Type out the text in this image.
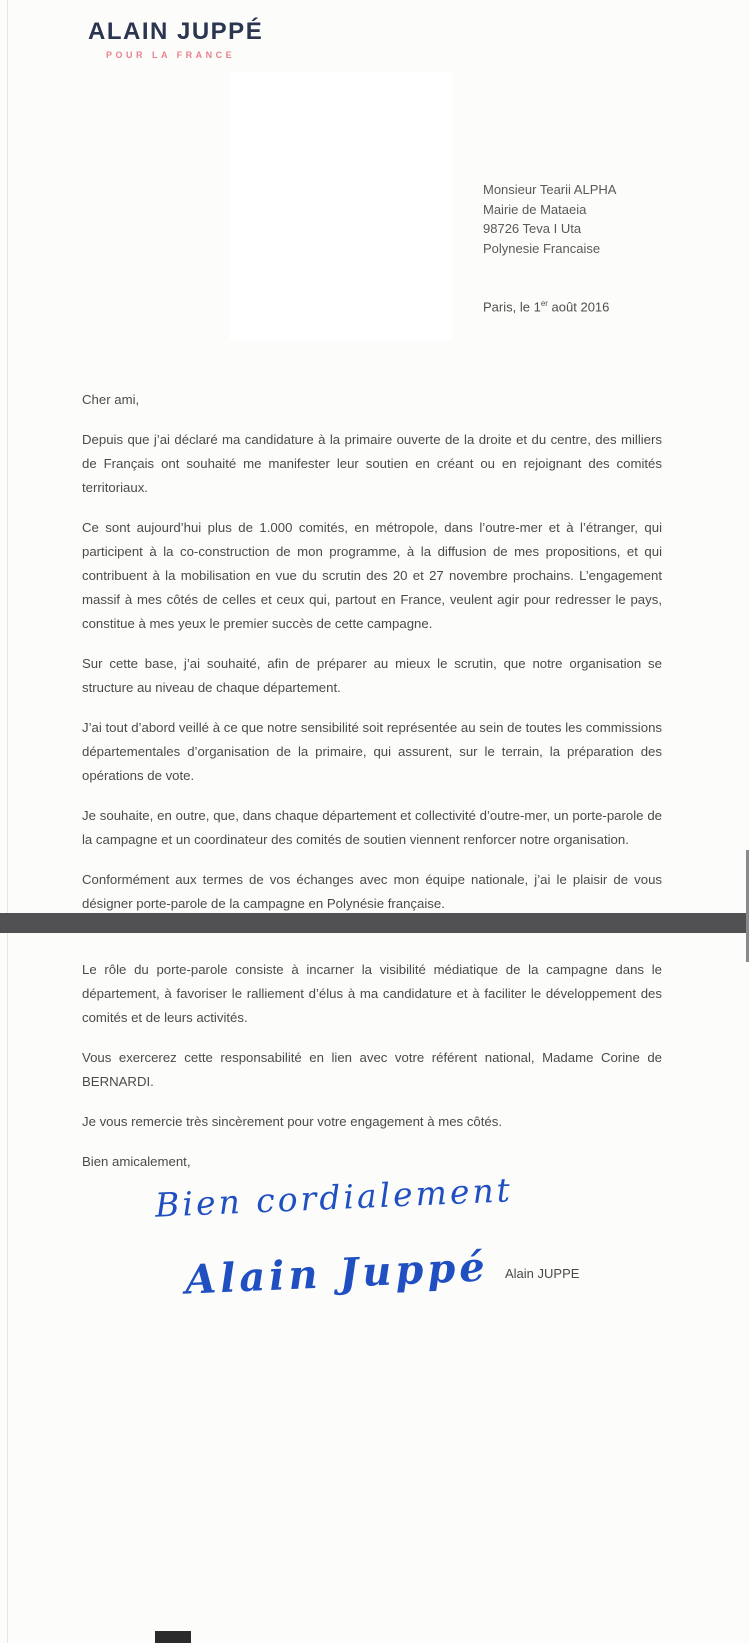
ALAIN JUPPÉ
POUR LA FRANCE
Monsieur Tearii ALPHA
Mairie de Mataeia
98726 Teva I Uta
Polynesie Francaise
Paris, le 1er août 2016

Cher ami,

Depuis que j’ai déclaré ma candidature à la primaire ouverte de la droite et du centre, des milliers de Français ont souhaité me manifester leur soutien en créant ou en rejoignant des comités territoriaux.

Ce sont aujourd’hui plus de 1.000 comités, en métropole, dans l’outre-mer et à l’étranger, qui participent à la co-construction de mon programme, à la diffusion de mes propositions, et qui contribuent à la mobilisation en vue du scrutin des 20 et 27 novembre prochains. L’engagement massif à mes côtés de celles et ceux qui, partout en France, veulent agir pour redresser le pays, constitue à mes yeux le premier succès de cette campagne.

Sur cette base, j’ai souhaité, afin de préparer au mieux le scrutin, que notre organisation se structure au niveau de chaque département.

J’ai tout d’abord veillé à ce que notre sensibilité soit représentée au sein de toutes les commissions départementales d’organisation de la primaire, qui assurent, sur le terrain, la préparation des opérations de vote.

Je souhaite, en outre, que, dans chaque département et collectivité d’outre-mer, un porte-parole de la campagne et un coordinateur des comités de soutien viennent renforcer notre organisation.

Conformément aux termes de vos échanges avec mon équipe nationale, j’ai le plaisir de vous désigner porte-parole de la campagne en Polynésie française.

Le rôle du porte-parole consiste à incarner la visibilité médiatique de la campagne dans le département, à favoriser le ralliement d’élus à ma candidature et à faciliter le développement des comités et de leurs activités.

Vous exercerez cette responsabilité en lien avec votre référent national, Madame Corine de BERNARDI.

Je vous remercie très sincèrement pour votre engagement à mes côtés.

Bien amicalement,

Bien cordialement
Alain Juppé Alain JUPPE
